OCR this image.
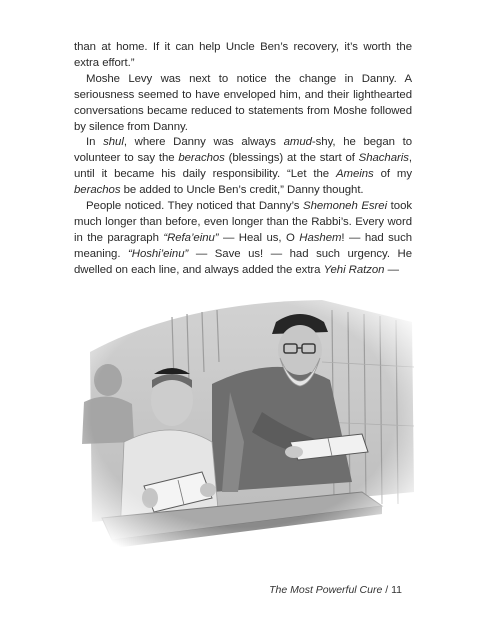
than at home. If it can help Uncle Ben’s recovery, it’s worth the extra effort.”

Moshe Levy was next to notice the change in Danny. A seriousness seemed to have enveloped him, and their lighthearted conversations became reduced to statements from Moshe followed by silence from Danny.

In shul, where Danny was always amud-shy, he began to volunteer to say the berachos (blessings) at the start of Shacharis, until it became his daily responsibility. “Let the Ameins of my berachos be added to Uncle Ben’s credit,” Danny thought.

People noticed. They noticed that Danny’s Shemoneh Esrei took much longer than before, even longer than the Rabbi’s. Every word in the paragraph “Refa’einu” — Heal us, O Hashem! — had such meaning. “Hoshi’einu” — Save us! — had such urgency. He dwelled on each line, and always added the extra Yehi Ratzon —

The Most Powerful Cure / 11
